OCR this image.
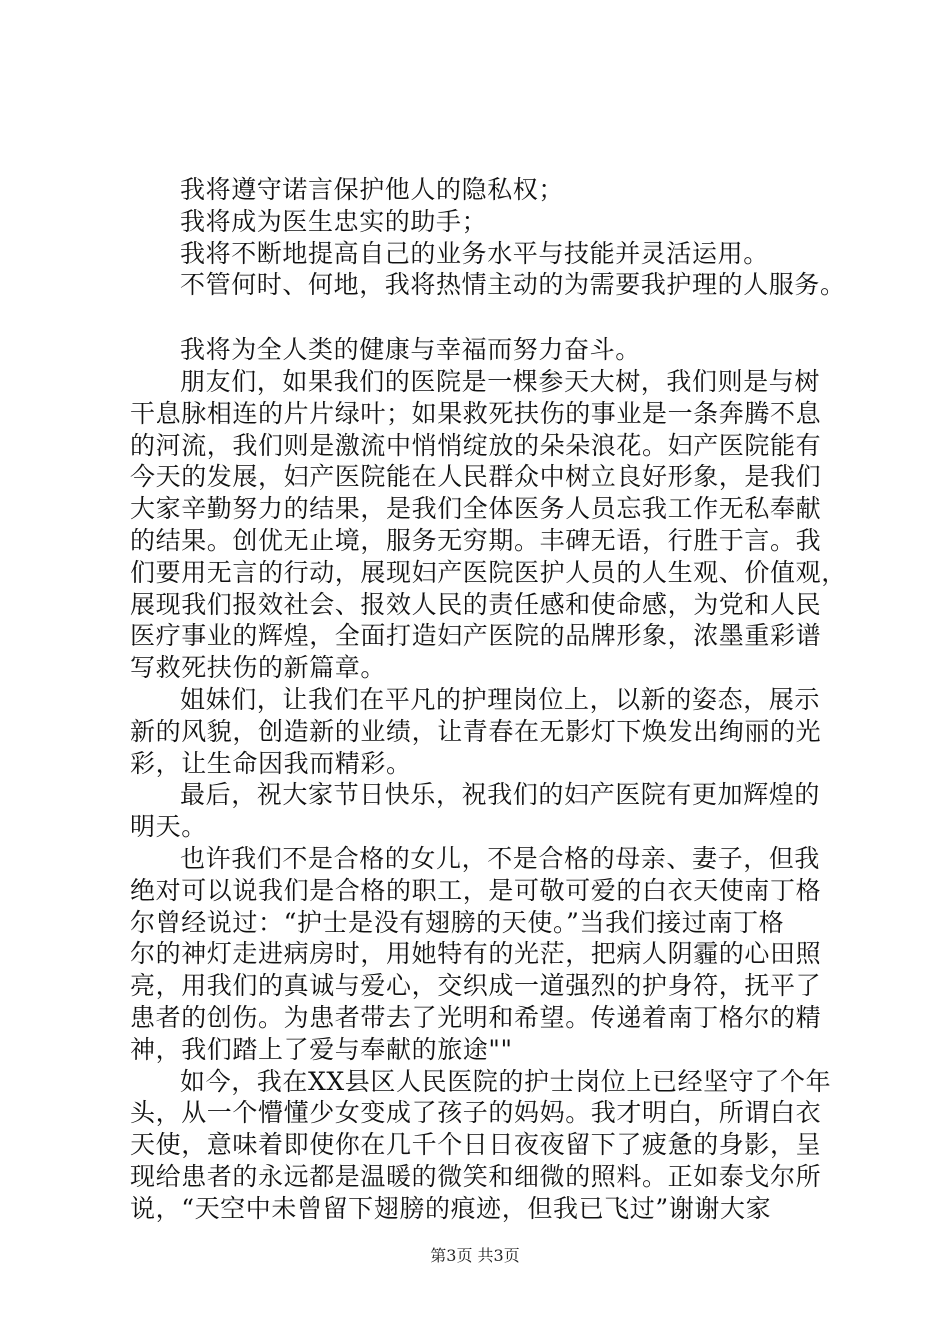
我将遵守诺言保护他人的隐私权；
我将成为医生忠实的助手；
我将不断地提高自己的业务水平与技能并灵活运用。
不管何时、何地，我将热情主动的为需要我护理的人服务。
我将为全人类的健康与幸福而努力奋斗。
朋友们，如果我们的医院是一棵参天大树，我们则是与树
干息脉相连的片片绿叶；如果救死扶伤的事业是一条奔腾不息
的河流，我们则是激流中悄悄绽放的朵朵浪花。妇产医院能有
今天的发展，妇产医院能在人民群众中树立良好形象，是我们
大家辛勤努力的结果，是我们全体医务人员忘我工作无私奉献
的结果。创优无止境，服务无穷期。丰碑无语，行胜于言。我
们要用无言的行动，展现妇产医院医护人员的人生观、价值观，
展现我们报效社会、报效人民的责任感和使命感，为党和人民
医疗事业的辉煌，全面打造妇产医院的品牌形象，浓墨重彩谱
写救死扶伤的新篇章。
姐妹们，让我们在平凡的护理岗位上，以新的姿态，展示
新的风貌，创造新的业绩，让青春在无影灯下焕发出绚丽的光
彩，让生命因我而精彩。
最后，祝大家节日快乐，祝我们的妇产医院有更加辉煌的
明天。
也许我们不是合格的女儿，不是合格的母亲、妻子，但我
绝对可以说我们是合格的职工，是可敬可爱的白衣天使南丁格
尔曾经说过：“护士是没有翅膀的天使。”当我们接过南丁格
尔的神灯走进病房时，用她特有的光茫，把病人阴霾的心田照
亮，用我们的真诚与爱心，交织成一道强烈的护身符，抚平了
患者的创伤。为患者带去了光明和希望。传递着南丁格尔的精
神，我们踏上了爱与奉献的旅途""
如今，我在XX县区人民医院的护士岗位上已经坚守了个年
头，从一个懵懂少女变成了孩子的妈妈。我才明白，所谓白衣
天使，意味着即使你在几千个日日夜夜留下了疲惫的身影，呈
现给患者的永远都是温暖的微笑和细微的照料。正如泰戈尔所
说，“天空中未曾留下翅膀的痕迹，但我已飞过”谢谢大家
第3页 共3页
